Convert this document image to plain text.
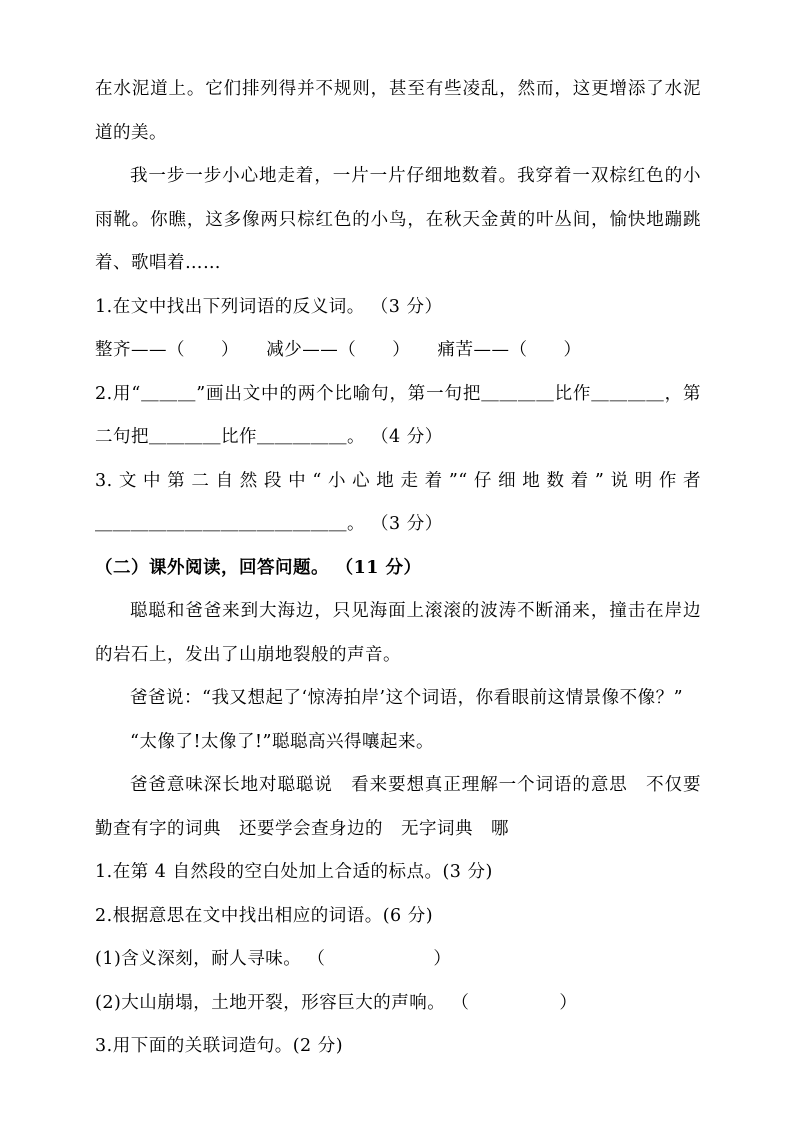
在水泥道上。它们排列得并不规则，甚至有些凌乱，然而，这更增添了水泥
道的美。
我一步一步小心地走着，一片一片仔细地数着。我穿着一双棕红色的小
雨靴。你瞧，这多像两只棕红色的小鸟，在秋天金黄的叶丛间，愉快地蹦跳
着、歌唱着……
1.在文中找出下列词语的反义词。 （3 分）
整齐——（　　）　　减少——（　　）　　痛苦——（　　）
2.用“＿＿＿”画出文中的两个比喻句，第一句把＿＿＿＿比作＿＿＿＿，第
二句把＿＿＿＿比作＿＿＿＿＿。 （4 分）
3.文中第二自然段中“小心地走着”“仔细地数着”说明作者
＿＿＿＿＿＿＿＿＿＿＿＿＿＿。 （3 分）
（二）课外阅读，回答问题。 （11 分）
聪聪和爸爸来到大海边，只见海面上滚滚的波涛不断涌来，撞击在岸边
的岩石上，发出了山崩地裂般的声音。
爸爸说：“我又想起了‘惊涛拍岸’这个词语，你看眼前这情景像不像？”
“太像了!太像了!”聪聪高兴得嚷起来。
爸爸意味深长地对聪聪说　看来要想真正理解一个词语的意思　不仅要
勤查有字的词典　还要学会查身边的　无字词典　哪
1.在第 4 自然段的空白处加上合适的标点。(3 分)
2.根据意思在文中找出相应的词语。(6 分)
(1)含义深刻，耐人寻味。 （　　　　　　）
(2)大山崩塌，土地开裂，形容巨大的声响。 （　　　　　）
3.用下面的关联词造句。(2 分)
